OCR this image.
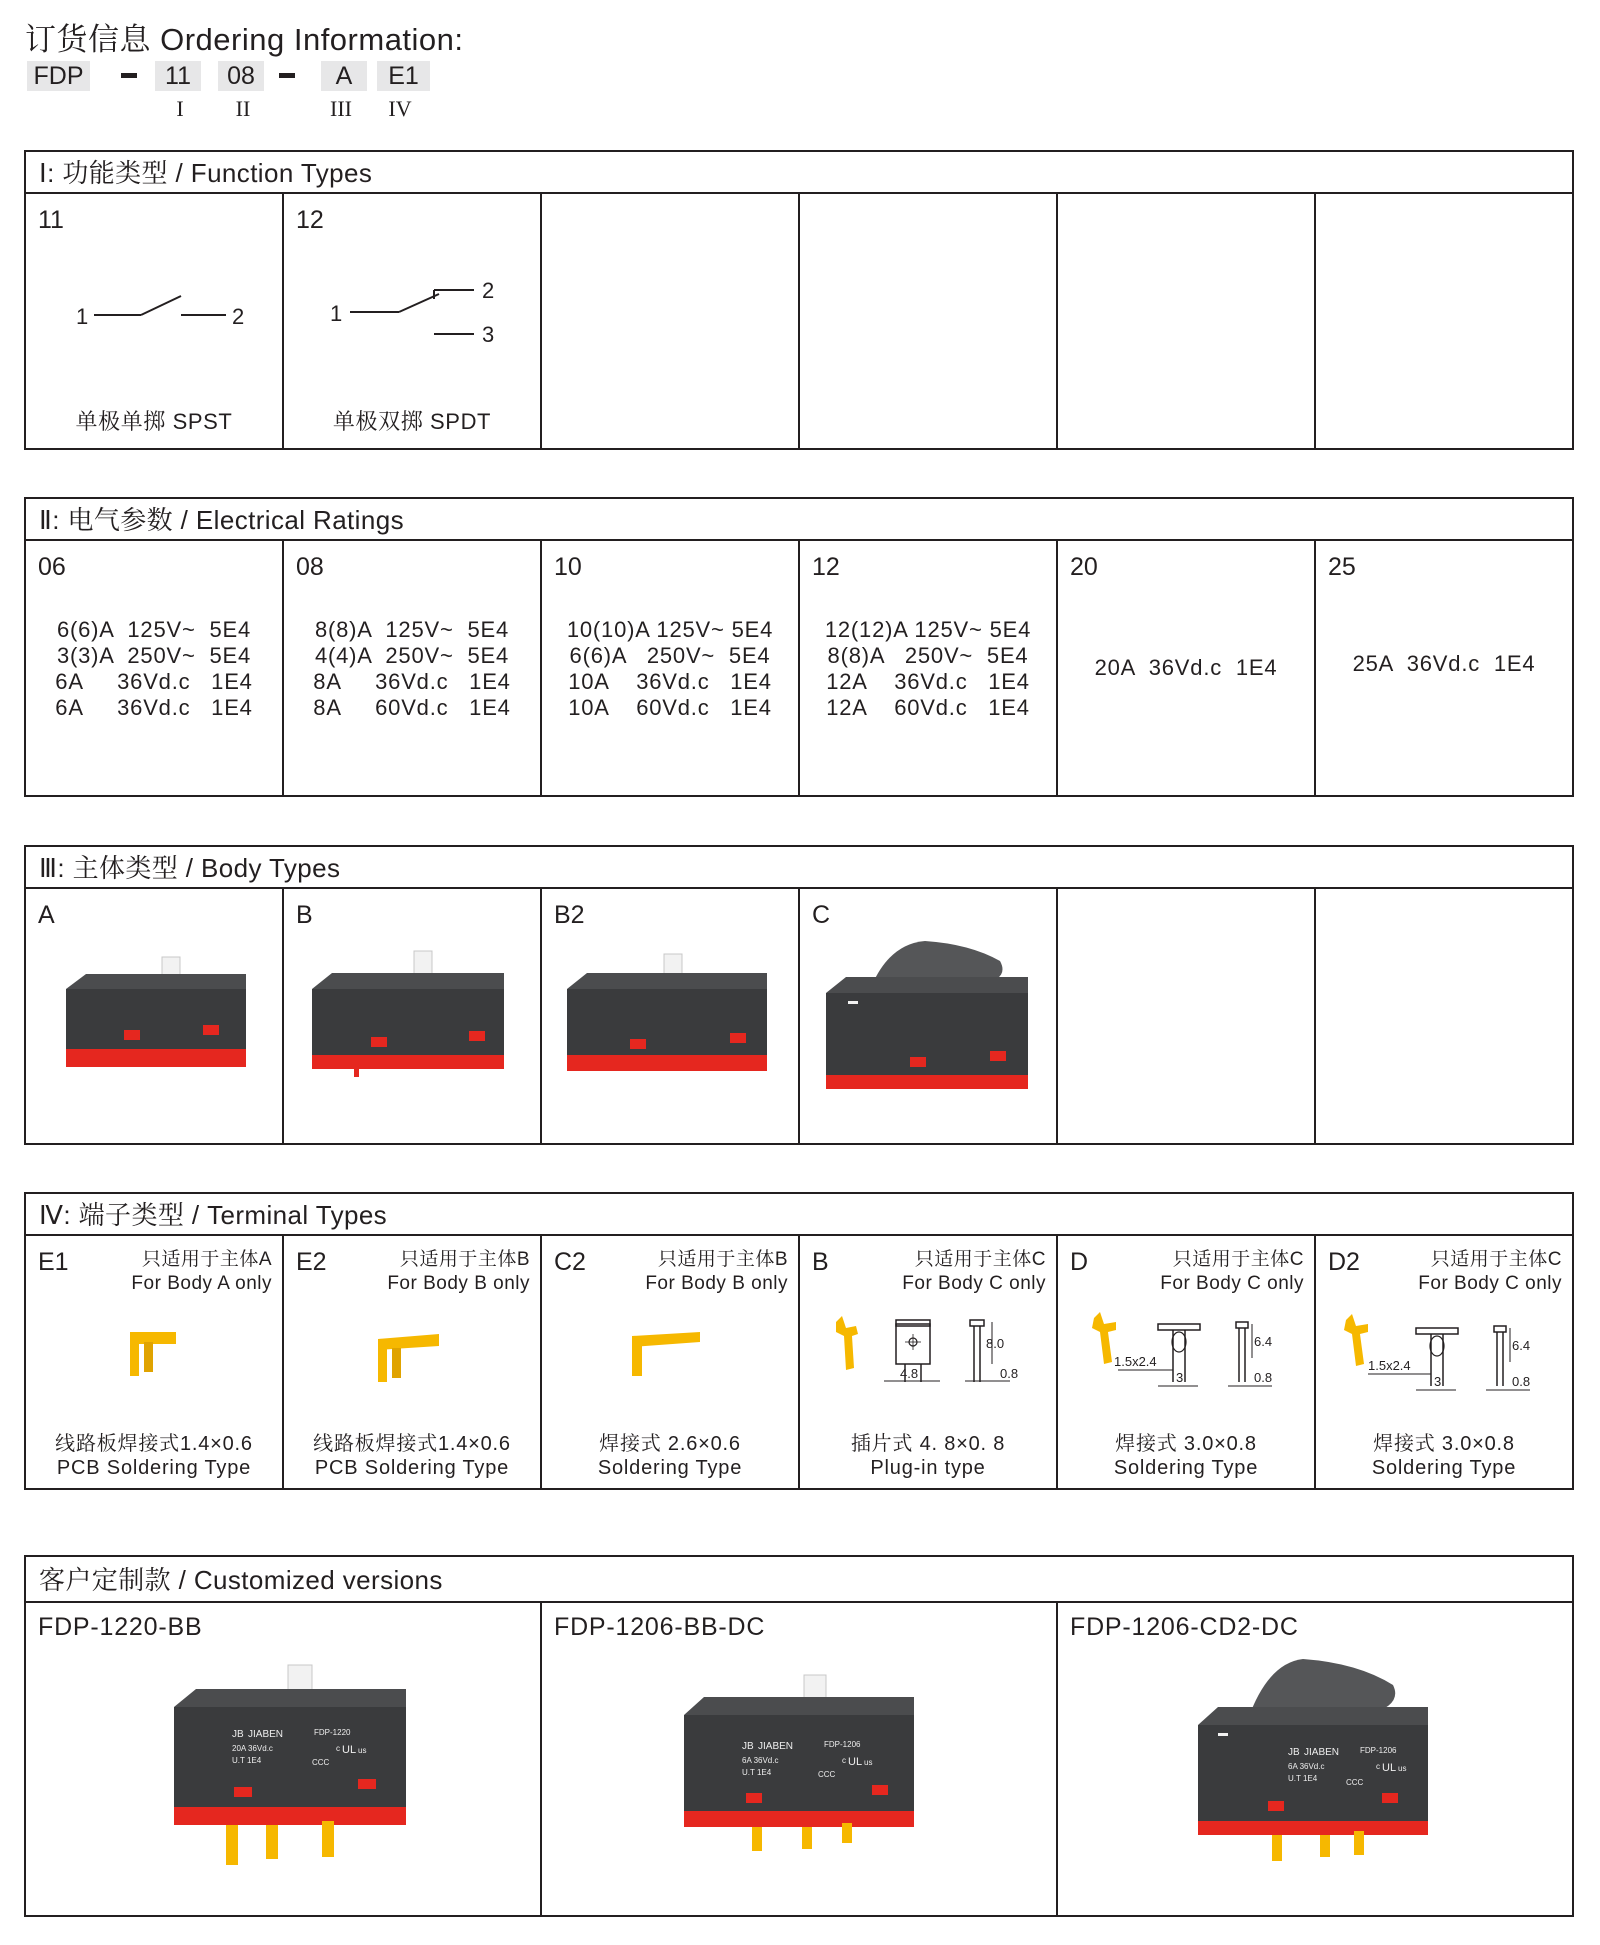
订货信息 Ordering Information:
FDP	11	08	A	E1
I	II	III	IV
Ⅰ: 功能类型 / Function Types
11
1	2
单极单掷 SPST
12
1
2
3
单极双掷 SPDT
Ⅱ: 电气参数 / Electrical Ratings
06
6(6)A  125V~  5E4
3(3)A  250V~  5E4
6A     36Vd.c   1E4
6A     36Vd.c   1E4
08
8(8)A  125V~  5E4
4(4)A  250V~  5E4
8A     36Vd.c   1E4
8A     60Vd.c   1E4
10
10(10)A 125V~ 5E4
6(6)A   250V~  5E4
10A    36Vd.c   1E4
10A    60Vd.c   1E4
12
12(12)A 125V~ 5E4
8(8)A   250V~  5E4
12A    36Vd.c   1E4
12A    60Vd.c   1E4
20
20A  36Vd.c  1E4
25
25A  36Vd.c  1E4
Ⅲ: 主体类型 / Body Types
A	B	B2	C
Ⅳ: 端子类型 / Terminal Types
E1	只适用于主体A
For Body A only
线路板焊接式1.4×0.6
PCB Soldering Type
E2	只适用于主体B
For Body B only
线路板焊接式1.4×0.6
PCB Soldering Type
C2	只适用于主体B
For Body B only
焊接式 2.6×0.6
Soldering Type
B	只适用于主体C
For Body C only
4.8
8.0
0.8
插片式 4. 8×0. 8
Plug-in type
D	只适用于主体C
For Body C only
1.5x2.4
3
6.4
0.8
焊接式 3.0×0.8
Soldering Type
D2	只适用于主体C
For Body C only
1.5x2.4
3
6.4
0.8
焊接式 3.0×0.8
Soldering Type
客户定制款 / Customized versions
FDP-1220-BB
JB JIABEN	FDP-1220
20A 36Vd.c
U.T 1E4	CCC
c UL us
FDP-1206-BB-DC
JB JIABEN	FDP-1206
6A 36Vd.c
U.T 1E4	CCC
c UL us
FDP-1206-CD2-DC
JB JIABEN	FDP-1206
6A 36Vd.c
U.T 1E4	CCC
c UL us
